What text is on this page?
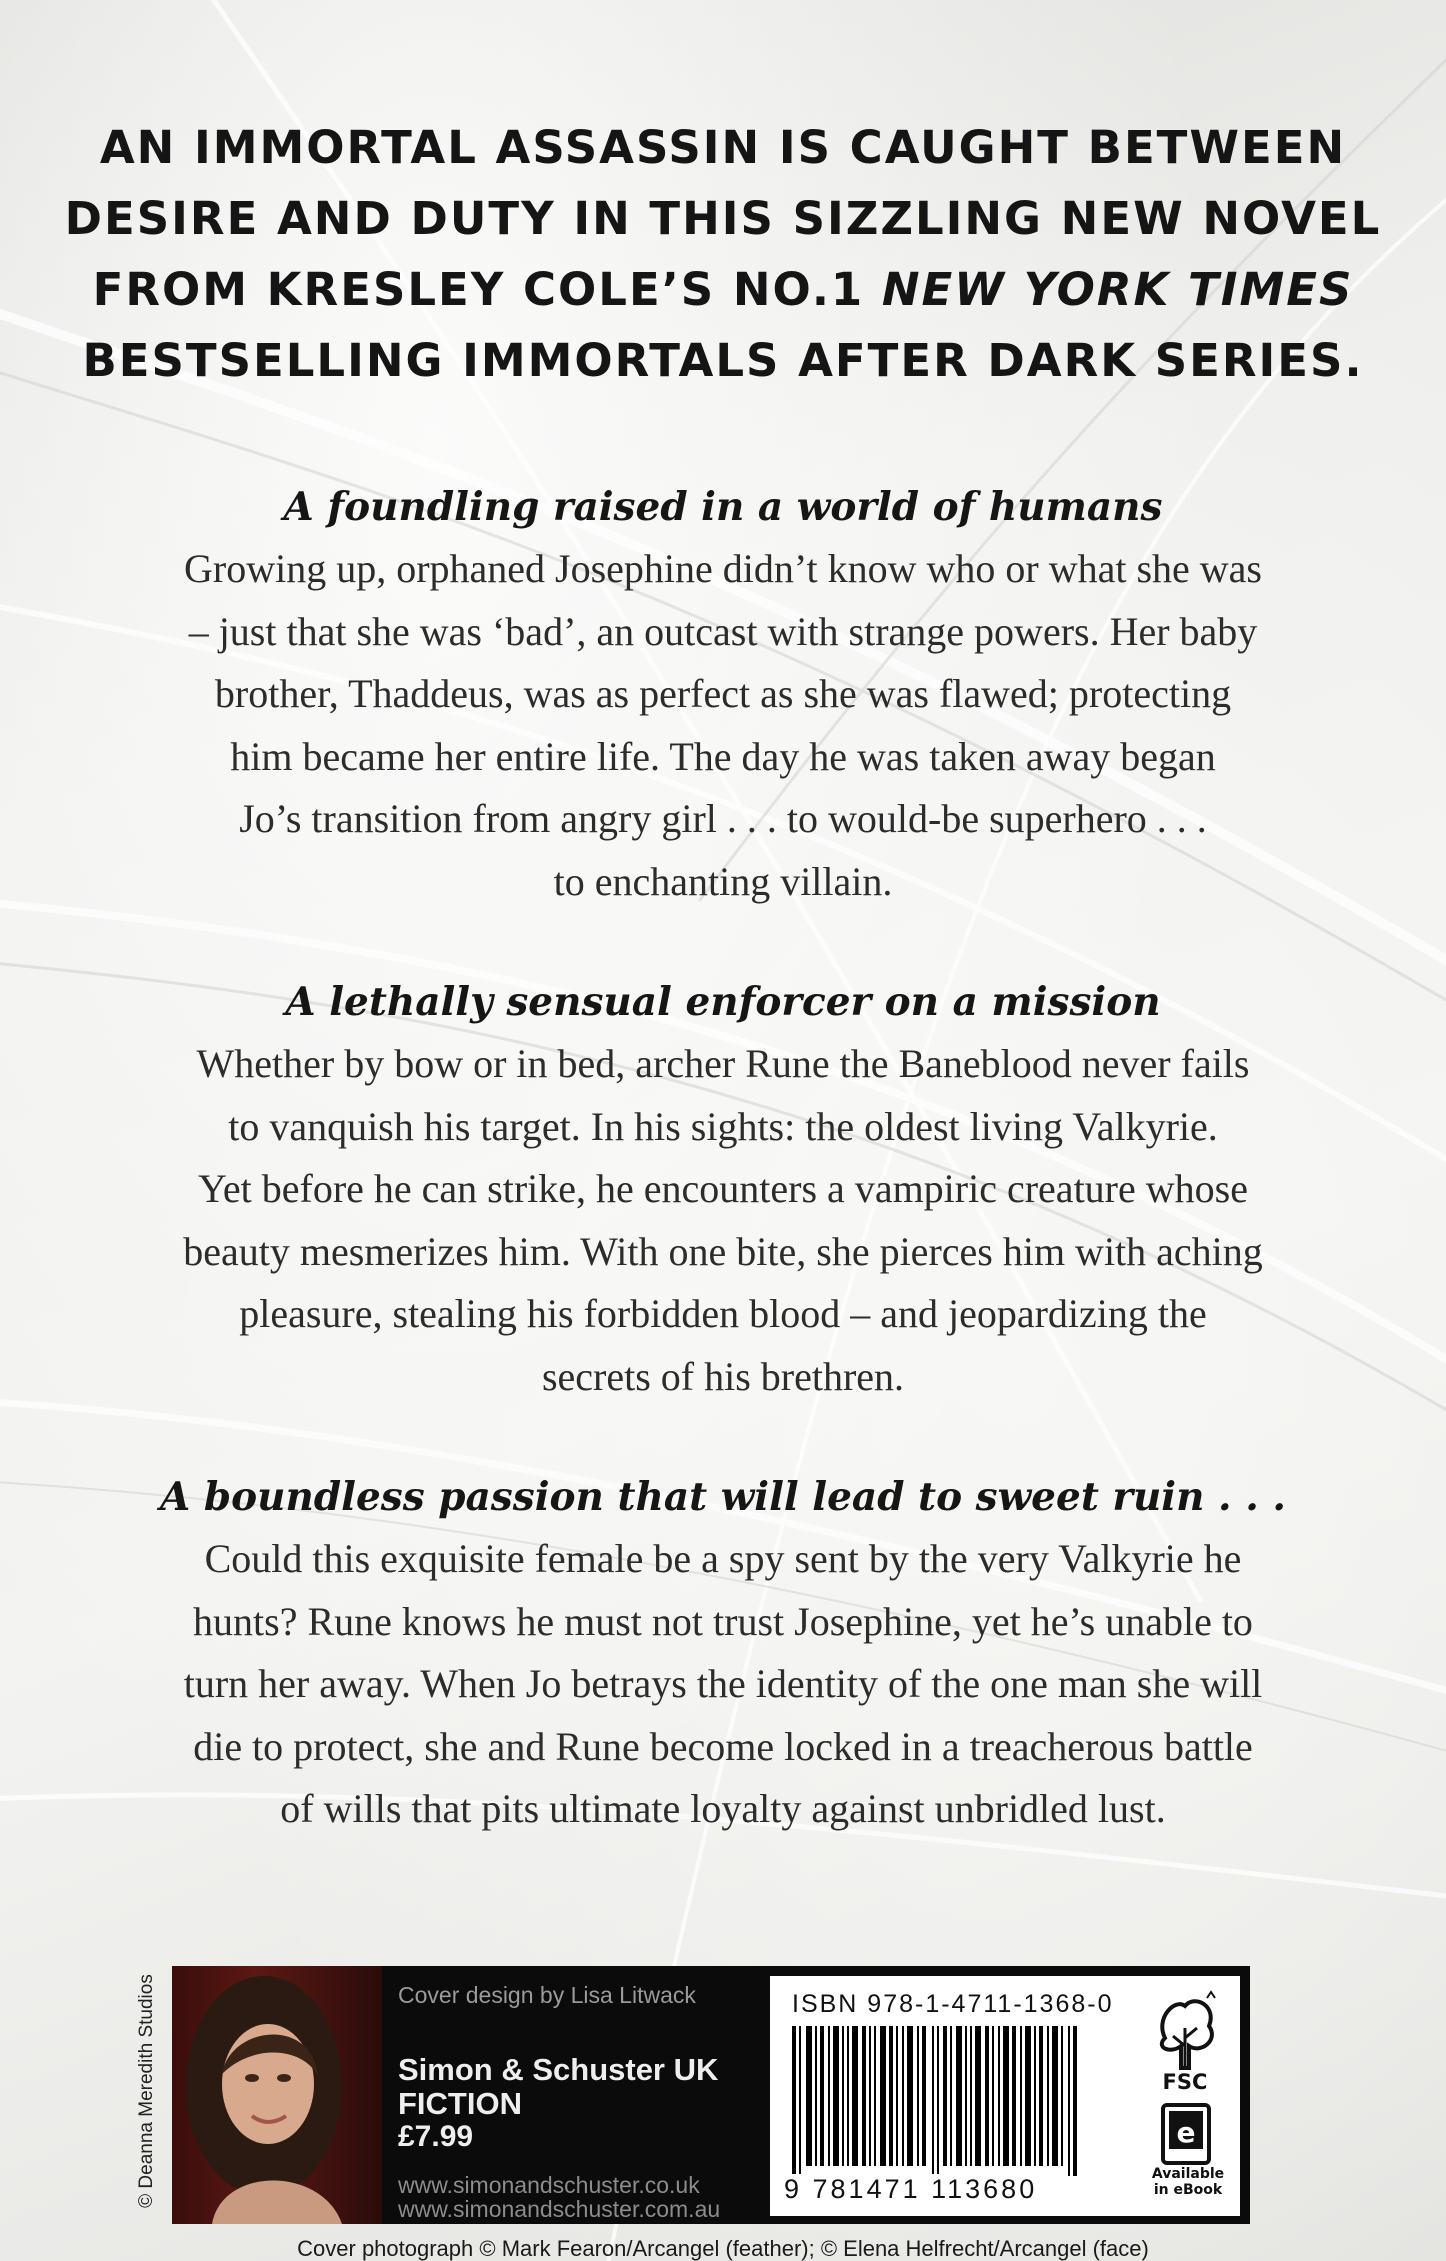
AN IMMORTAL ASSASSIN IS CAUGHT BETWEEN
DESIRE AND DUTY IN THIS SIZZLING NEW NOVEL
FROM KRESLEY COLE’S NO.1 NEW YORK TIMES
BESTSELLING IMMORTALS AFTER DARK SERIES.
A foundling raised in a world of humans
Growing up, orphaned Josephine didn’t know who or what she was
– just that she was ‘bad’, an outcast with strange powers. Her baby
brother, Thaddeus, was as perfect as she was flawed; protecting
him became her entire life. The day he was taken away began
Jo’s transition from angry girl . . . to would-be superhero . . .
to enchanting villain.
A lethally sensual enforcer on a mission
Whether by bow or in bed, archer Rune the Baneblood never fails
to vanquish his target. In his sights: the oldest living Valkyrie.
Yet before he can strike, he encounters a vampiric creature whose
beauty mesmerizes him. With one bite, she pierces him with aching
pleasure, stealing his forbidden blood – and jeopardizing the
secrets of his brethren.
A boundless passion that will lead to sweet ruin . . .
Could this exquisite female be a spy sent by the very Valkyrie he
hunts? Rune knows he must not trust Josephine, yet he’s unable to
turn her away. When Jo betrays the identity of the one man she will
die to protect, she and Rune become locked in a treacherous battle
of wills that pits ultimate loyalty against unbridled lust.
© Deanna Meredith Studios	Cover design by Lisa Litwack
Simon & Schuster UK
FICTION
£7.99
www.simonandschuster.co.uk
www.simonandschuster.com.au
ISBN 978-1-4711-1368-0
9 781471 113680
FSC
e
Available
in eBook
Cover photograph © Mark Fearon/Arcangel (feather); © Elena Helfrecht/Arcangel (face)
